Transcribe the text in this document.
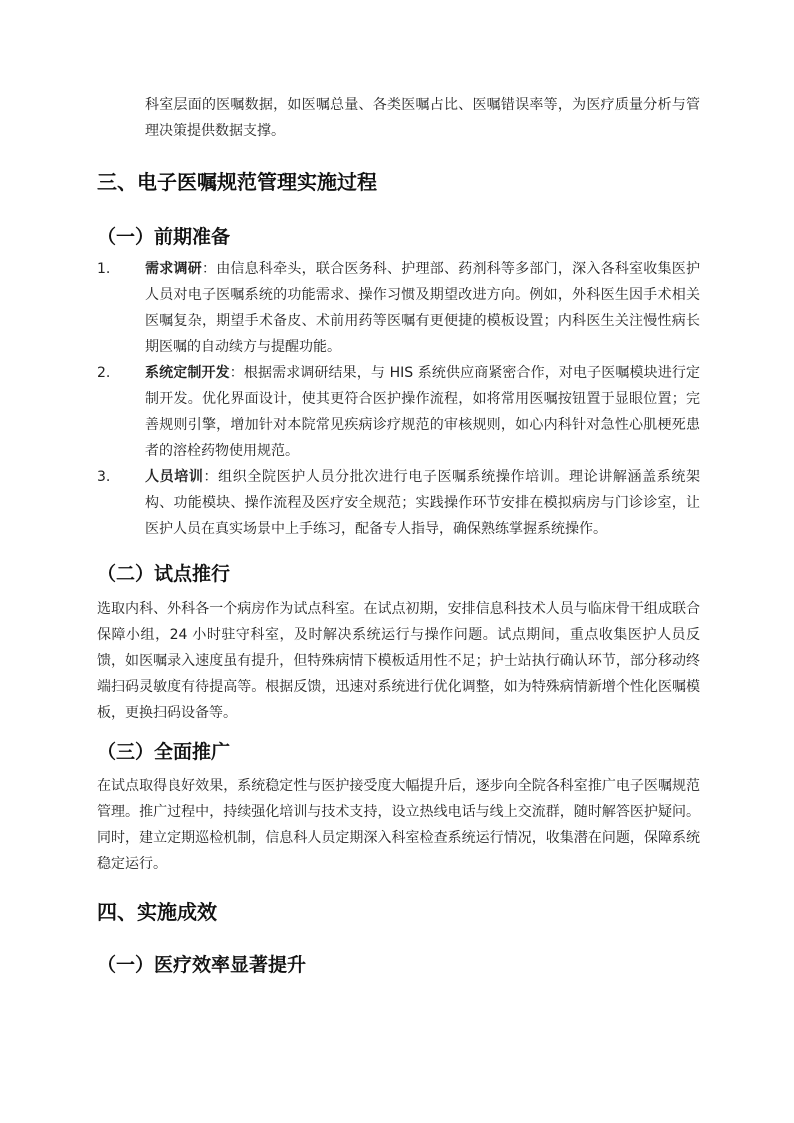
科室层面的医嘱数据，如医嘱总量、各类医嘱占比、医嘱错误率等，为医疗质量分析与管理决策提供数据支撑。

三、电子医嘱规范管理实施过程
（一）前期准备
1. 需求调研：由信息科牵头，联合医务科、护理部、药剂科等多部门，深入各科室收集医护人员对电子医嘱系统的功能需求、操作习惯及期望改进方向。例如，外科医生因手术相关医嘱复杂，期望手术备皮、术前用药等医嘱有更便捷的模板设置；内科医生关注慢性病长期医嘱的自动续方与提醒功能。

2. 系统定制开发：根据需求调研结果，与 HIS 系统供应商紧密合作，对电子医嘱模块进行定制开发。优化界面设计，使其更符合医护操作流程，如将常用医嘱按钮置于显眼位置；完善规则引擎，增加针对本院常见疾病诊疗规范的审核规则，如心内科针对急性心肌梗死患者的溶栓药物使用规范。

3. 人员培训：组织全院医护人员分批次进行电子医嘱系统操作培训。理论讲解涵盖系统架构、功能模块、操作流程及医疗安全规范；实践操作环节安排在模拟病房与门诊诊室，让医护人员在真实场景中上手练习，配备专人指导，确保熟练掌握系统操作。

（二）试点推行

选取内科、外科各一个病房作为试点科室。在试点初期，安排信息科技术人员与临床骨干组成联合保障小组，24 小时驻守科室，及时解决系统运行与操作问题。试点期间，重点收集医护人员反馈，如医嘱录入速度虽有提升，但特殊病情下模板适用性不足；护士站执行确认环节，部分移动终端扫码灵敏度有待提高等。根据反馈，迅速对系统进行优化调整，如为特殊病情新增个性化医嘱模板，更换扫码设备等。

（三）全面推广

在试点取得良好效果，系统稳定性与医护接受度大幅提升后，逐步向全院各科室推广电子医嘱规范管理。推广过程中，持续强化培训与技术支持，设立热线电话与线上交流群，随时解答医护疑问。同时，建立定期巡检机制，信息科人员定期深入科室检查系统运行情况，收集潜在问题，保障系统稳定运行。

四、实施成效
（一）医疗效率显著提升
